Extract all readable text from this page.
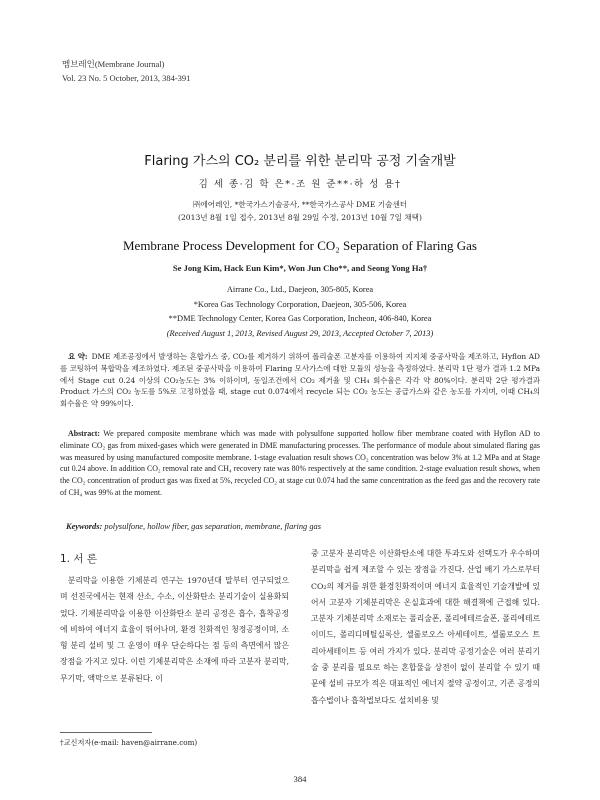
멤브레인(Membrane Journal)
Vol. 23 No. 5 October, 2013, 384-391
Flaring 가스의 CO₂ 분리를 위한 분리막 공정 기술개발
김 세 종·김 학 은*·조 원 준**·하 성 용†
㈜에어레인, *한국가스기술공사, **한국가스공사 DME 기술센터
(2013년 8월 1일 접수, 2013년 8월 29일 수정, 2013년 10월 7일 채택)
Membrane Process Development for CO₂ Separation of Flaring Gas
Se Jong Kim, Hack Eun Kim*, Won Jun Cho**, and Seong Yong Ha†
Airrane Co., Ltd., Daejeon, 305-805, Korea
*Korea Gas Technology Corporation, Daejeon, 305-506, Korea
**DME Technology Center, Korea Gas Corporation, Incheon, 406-840, Korea
(Received August 1, 2013, Revised August 29, 2013, Accepted October 7, 2013)
요 약: DME 제조공정에서 발생하는 혼합가스 중, CO₂를 제거하기 위하여 폴리술폰 고분자를 이용하여 지지체 중공사막을 제조하고, Hyflon AD를 코팅하여 복합막을 제조하였다. 제조된 중공사막을 이용하여 Flaring 모사가스에 대한 모듈의 성능을 측정하였다. 분리막 1단 평가 결과 1.2 MPa에서 Stage cut 0.24 이상의 CO₂농도는 3% 이하이며, 동일조건에서 CO₂ 제거율 및 CH₄ 회수율은 각각 약 80%이다. 분리막 2단 평가결과 Product 가스의 CO₂ 농도를 5%로 고정하였을 때, stage cut 0.074에서 recycle 되는 CO₂ 농도는 공급가스와 같은 농도를 가지며, 이때 CH₄의 회수율은 약 99%이다.
Abstract: We prepared composite membrane which was made with polysulfone supported hollow fiber membrane coated with Hyflon AD to eliminate CO₂ gas from mixed-gases which were generated in DME manufacturing processes. The performance of module about simulated flaring gas was measured by using manufactured composite membrane. 1-stage evaluation result shows CO₂ concentration was below 3% at 1.2 MPa and at Stage cut 0.24 above. In addition CO₂ removal rate and CH₄ recovery rate was 80% respectively at the same condition. 2-stage evaluation result shows, when the CO₂ concentration of product gas was fixed at 5%, recycled CO₂ at stage cut 0.074 had the same concentration as the feed gas and the recovery rate of CH₄ was 99% at the moment.
Keywords: polysulfone, hollow fiber, gas separation, membrane, flaring gas
1. 서 론

분리막을 이용한 기체분리 연구는 1970년대 말부터 연구되었으며 선진국에서는 현재 산소, 수소, 이산화탄소 분리기술이 실용화되었다. 기체분리막을 이용한 이산화탄소 분리 공정은 흡수, 흡착공정에 비하여 에너지 효율이 뛰어나며, 환경 친화적인 청정공정이며, 소형 분리 설비 및 그 운영이 매우 단순하다는 점 등의 측면에서 많은 장점을 가지고 있다. 이런 기체분리막은 소재에 따라 고분자 분리막, 무기막, 액막으로 분류된다. 이

중 고분자 분리막은 이산화탄소에 대한 투과도와 선택도가 우수하며 분리막을 쉽게 제조할 수 있는 장점을 가진다. 산업 배기 가스로부터 CO₂의 제거를 위한 환경친화적이며 에너지 효율적인 기술개발에 있어서 고분자 기체분리막은 온실효과에 대한 해결책에 근접해 있다. 고분자 기체분리막 소재로는 폴리술폰, 폴리에테르술폰, 폴리에테르이미드, 폴리디메틸실록산, 셀룰로오스 아세테이트, 셀룰로오스 트리아세테이트 등 여러 가지가 있다. 분리막 공정기술은 여러 분리기술 중 분리를 필요로 하는 혼합물을 상전이 없이 분리할 수 있기 때문에 설비 규모가 적은 대표적인 에너지 절약 공정이고, 기존 공정의 흡수법이나 흡착법보다도 설치비용 및

†교신저자(e-mail: haven@airrane.com)
384
